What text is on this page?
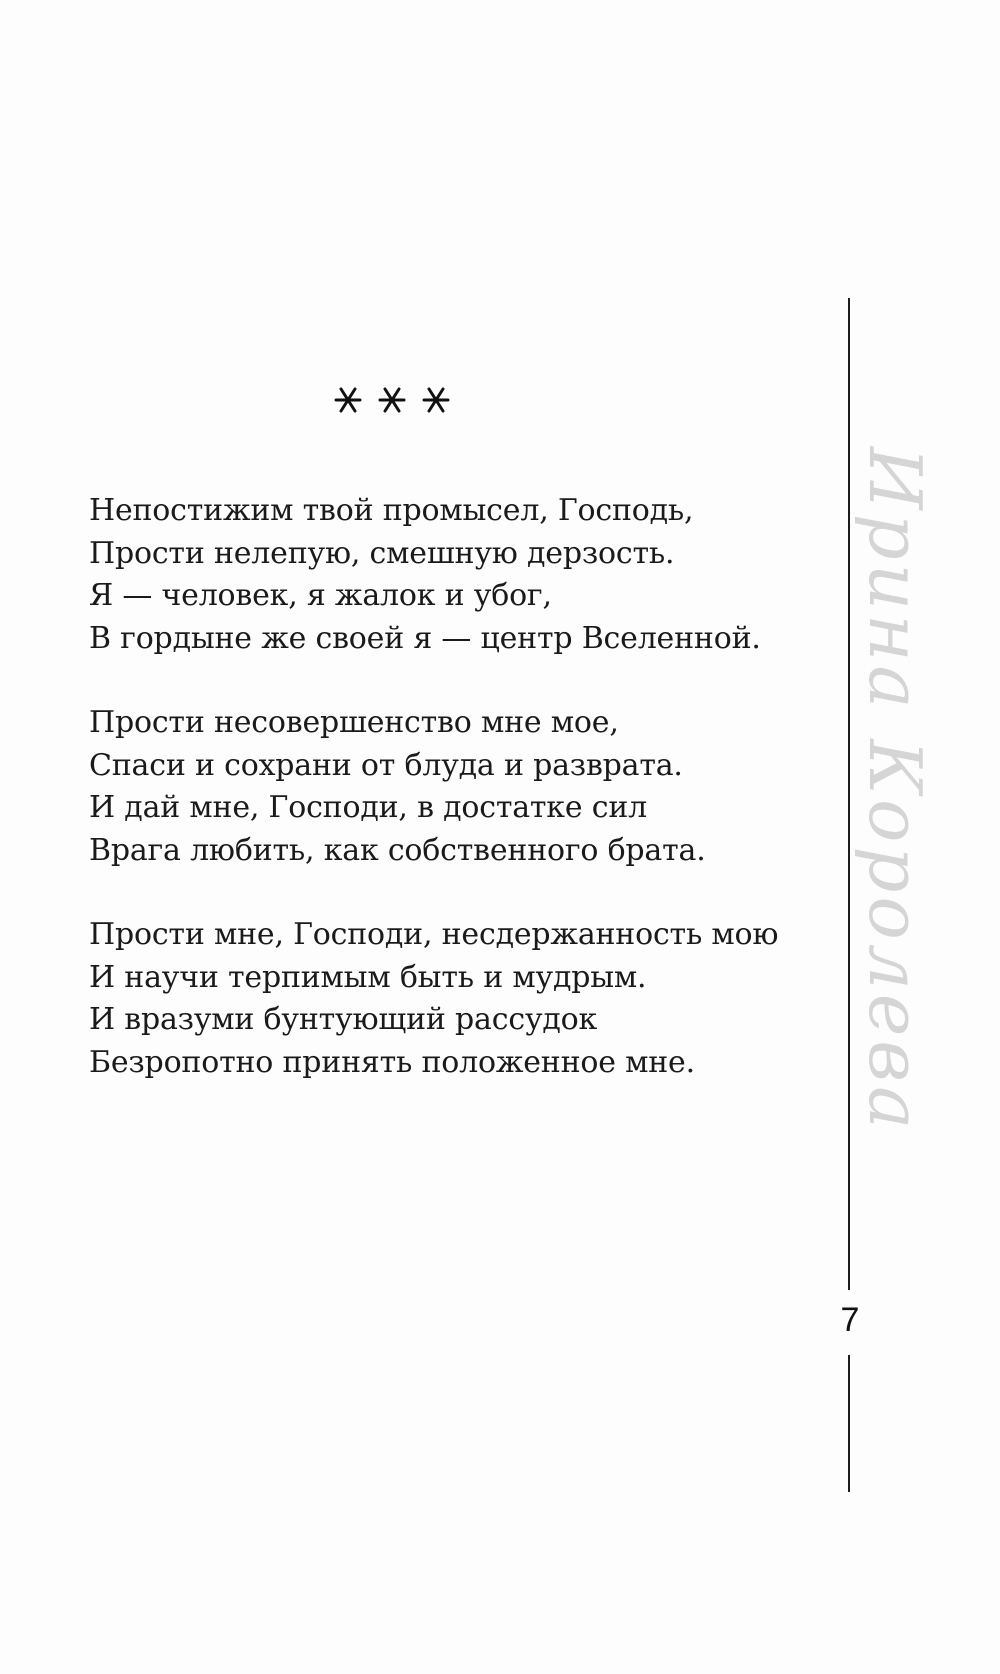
Непостижим твой промысел, Господь,
Прости нелепую, смешную дерзость.
Я — человек, я жалок и убог,
В гордыне же своей я — центр Вселенной.
Прости несовершенство мне мое,
Спаси и сохрани от блуда и разврата.
И дай мне, Господи, в достатке сил
Врага любить, как собственного брата.
Прости мне, Господи, несдержанность мою
И научи терпимым быть и мудрым.
И вразуми бунтующий рассудок
Безропотно принять положенное мне.	Ирина Королева
7
